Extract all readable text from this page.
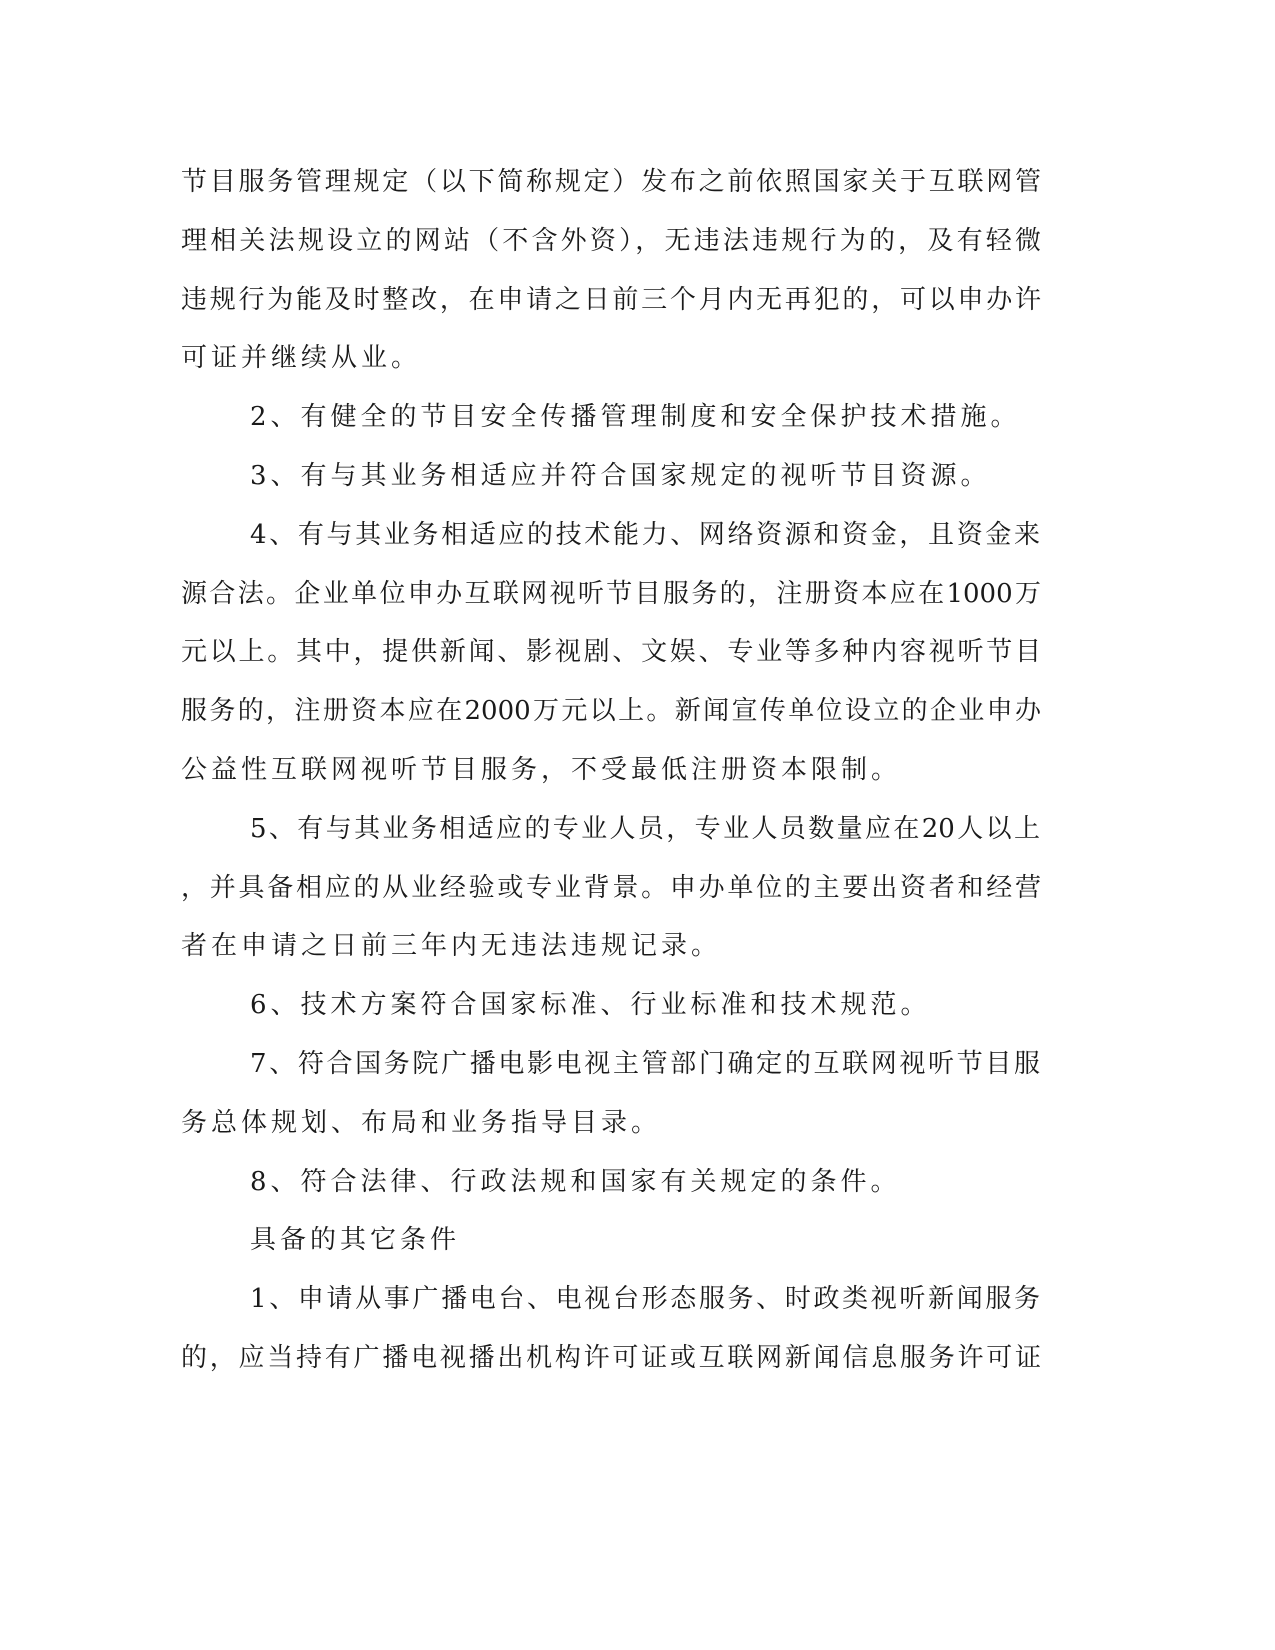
节目服务管理规定（以下简称规定）发布之前依照国家关于互联网管
理相关法规设立的网站（不含外资），无违法违规行为的，及有轻微
违规行为能及时整改，在申请之日前三个月内无再犯的，可以申办许
可证并继续从业。
2、有健全的节目安全传播管理制度和安全保护技术措施。
3、有与其业务相适应并符合国家规定的视听节目资源。
4、有与其业务相适应的技术能力、网络资源和资金，且资金来
源合法。企业单位申办互联网视听节目服务的，注册资本应在1000万
元以上。其中，提供新闻、影视剧、文娱、专业等多种内容视听节目
服务的，注册资本应在2000万元以上。新闻宣传单位设立的企业申办
公益性互联网视听节目服务，不受最低注册资本限制。
5、有与其业务相适应的专业人员，专业人员数量应在20人以上
，并具备相应的从业经验或专业背景。申办单位的主要出资者和经营
者在申请之日前三年内无违法违规记录。
6、技术方案符合国家标准、行业标准和技术规范。
7、符合国务院广播电影电视主管部门确定的互联网视听节目服
务总体规划、布局和业务指导目录。
8、符合法律、行政法规和国家有关规定的条件。
具备的其它条件
1、申请从事广播电台、电视台形态服务、时政类视听新闻服务
的，应当持有广播电视播出机构许可证或互联网新闻信息服务许可证
